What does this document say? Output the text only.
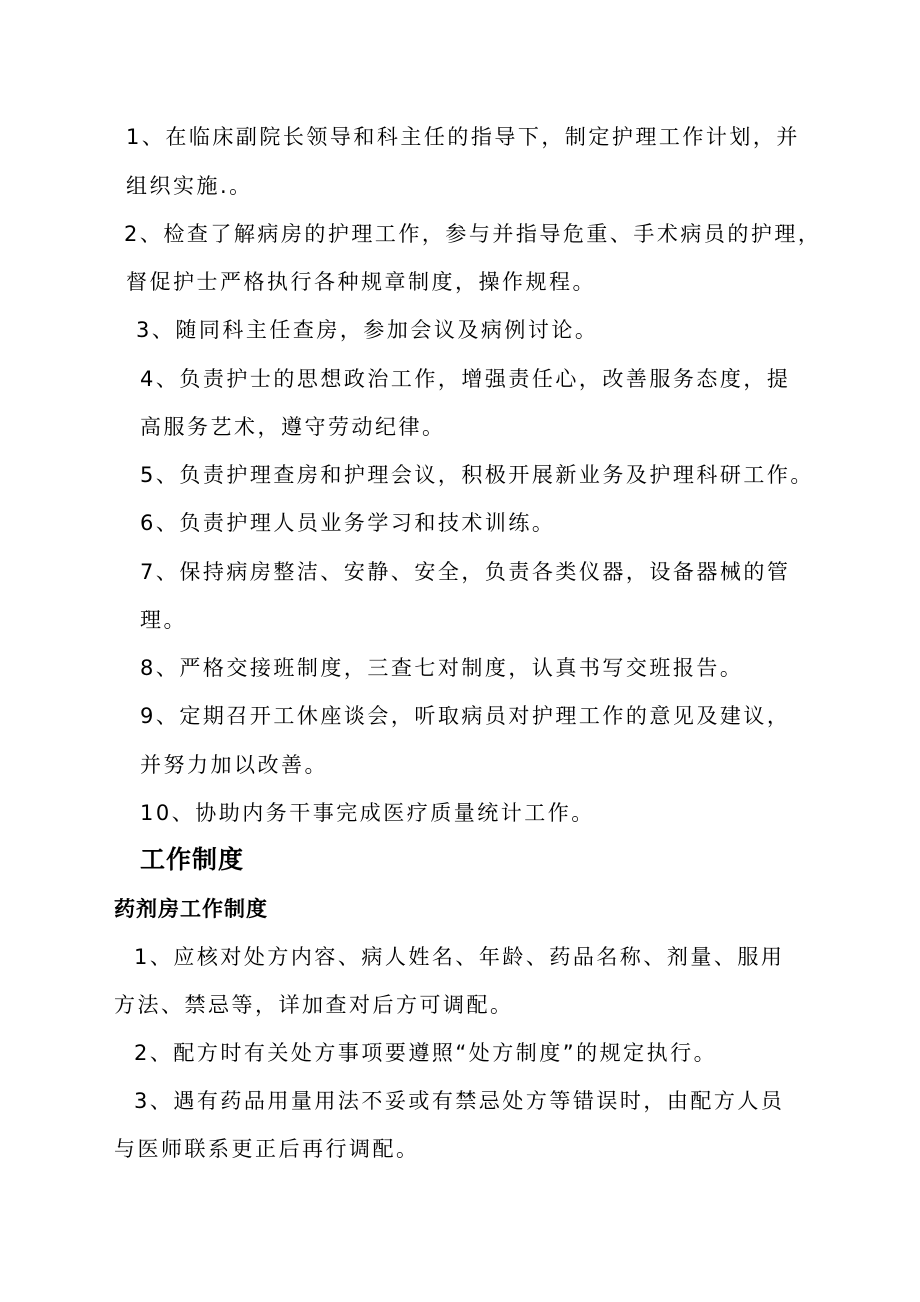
1、在临床副院长领导和科主任的指导下，制定护理工作计划，并
组织实施.。
2、检查了解病房的护理工作，参与并指导危重、手术病员的护理，
督促护士严格执行各种规章制度，操作规程。
3、随同科主任查房，参加会议及病例讨论。
4、负责护士的思想政治工作，增强责任心，改善服务态度，提
高服务艺术，遵守劳动纪律。
5、负责护理查房和护理会议，积极开展新业务及护理科研工作。
6、负责护理人员业务学习和技术训练。
7、保持病房整洁、安静、安全，负责各类仪器，设备器械的管
理。
8、严格交接班制度，三查七对制度，认真书写交班报告。
9、定期召开工休座谈会，听取病员对护理工作的意见及建议，
并努力加以改善。
10、协助内务干事完成医疗质量统计工作。
工作制度
药剂房工作制度
1、应核对处方内容、病人姓名、年龄、药品名称、剂量、服用
方法、禁忌等，详加查对后方可调配。
2、配方时有关处方事项要遵照“处方制度”的规定执行。
3、遇有药品用量用法不妥或有禁忌处方等错误时，由配方人员
与医师联系更正后再行调配。
